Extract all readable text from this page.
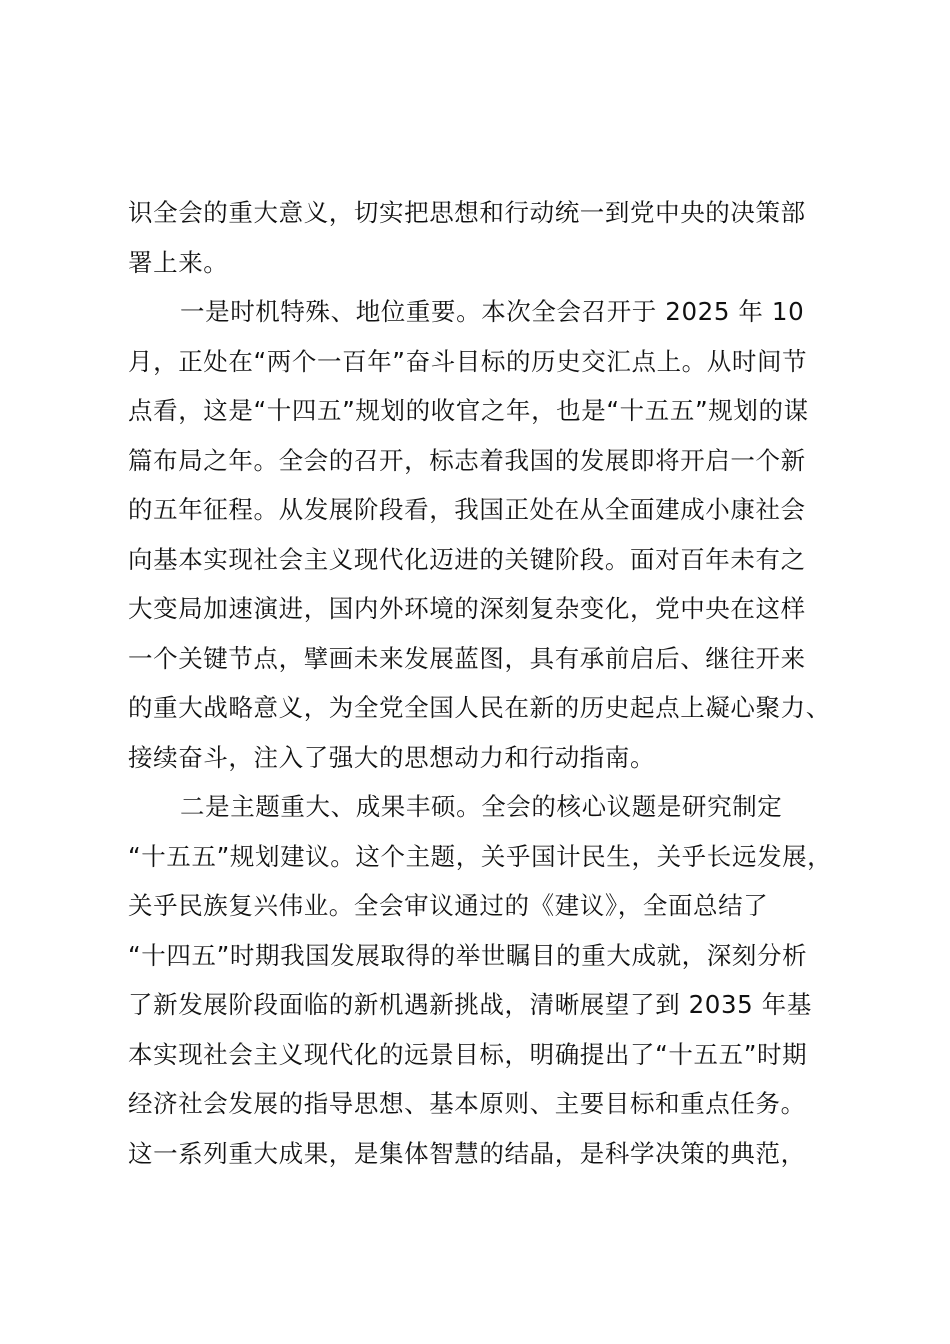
识全会的重大意义，切实把思想和行动统一到党中央的决策部
署上来。
一是时机特殊、地位重要。本次全会召开于 2025 年 10
月，正处在“两个一百年”奋斗目标的历史交汇点上。从时间节
点看，这是“十四五”规划的收官之年，也是“十五五”规划的谋
篇布局之年。全会的召开，标志着我国的发展即将开启一个新
的五年征程。从发展阶段看，我国正处在从全面建成小康社会
向基本实现社会主义现代化迈进的关键阶段。面对百年未有之
大变局加速演进，国内外环境的深刻复杂变化，党中央在这样
一个关键节点，擘画未来发展蓝图，具有承前启后、继往开来
的重大战略意义，为全党全国人民在新的历史起点上凝心聚力、
接续奋斗，注入了强大的思想动力和行动指南。
二是主题重大、成果丰硕。全会的核心议题是研究制定
“十五五”规划建议。这个主题，关乎国计民生，关乎长远发展，
关乎民族复兴伟业。全会审议通过的《建议》，全面总结了
“十四五”时期我国发展取得的举世瞩目的重大成就，深刻分析
了新发展阶段面临的新机遇新挑战，清晰展望了到 2035 年基
本实现社会主义现代化的远景目标，明确提出了“十五五”时期
经济社会发展的指导思想、基本原则、主要目标和重点任务。
这一系列重大成果，是集体智慧的结晶，是科学决策的典范，
